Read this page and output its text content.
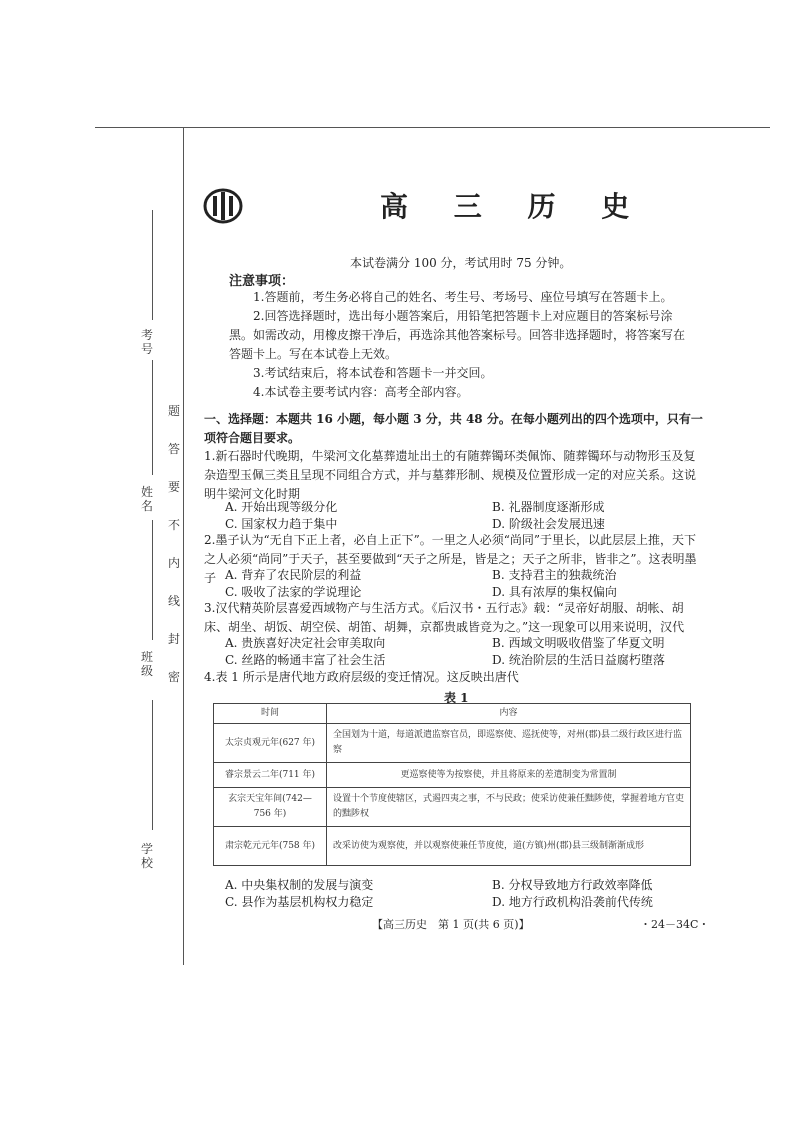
考号
姓名
班级
学校
题
答
要
不
内
线
封
密
高 三 历 史
本试卷满分 100 分，考试用时 75 分钟。
注意事项：
1.答题前，考生务必将自己的姓名、考生号、考场号、座位号填写在答题卡上。
2.回答选择题时，选出每小题答案后，用铅笔把答题卡上对应题目的答案标号涂
黑。如需改动，用橡皮擦干净后，再选涂其他答案标号。回答非选择题时，将答案写在
答题卡上。写在本试卷上无效。
3.考试结束后，将本试卷和答题卡一并交回。
4.本试卷主要考试内容：高考全部内容。
一、选择题：本题共 16 小题，每小题 3 分，共 48 分。在每小题列出的四个选项中，只有一项符合题目要求。
1.新石器时代晚期，牛梁河文化墓葬遗址出土的有随葬镯环类佩饰、随葬镯环与动物形玉及复杂造型玉佩三类且呈现不同组合方式，并与墓葬形制、规模及位置形成一定的对应关系。这说明牛梁河文化时期
A. 开始出现等级分化	B. 礼器制度逐渐形成
C. 国家权力趋于集中	D. 阶级社会发展迅速
2.墨子认为“无自下正上者，必自上正下”。一里之人必须“尚同”于里长，以此层层上推，天下之人必须“尚同”于天子，甚至要做到“天子之所是，皆是之；天子之所非，皆非之”。这表明墨子 A. 背弃了农民阶层的利益	B. 支持君主的独裁统治
C. 吸收了法家的学说理论	D. 具有浓厚的集权偏向
3.汉代精英阶层喜爱西域物产与生活方式。《后汉书・五行志》载：“灵帝好胡服、胡帐、胡床、胡坐、胡饭、胡空侯、胡笛、胡舞，京都贵戚皆竞为之。”这一现象可以用来说明，汉代
A. 贵族喜好决定社会审美取向	B. 西域文明吸收借鉴了华夏文明
C. 丝路的畅通丰富了社会生活	D. 统治阶层的生活日益腐朽堕落
4.表 1 所示是唐代地方政府层级的变迁情况。这反映出唐代
表 1
时间	内容
太宗贞观元年(627 年)	全国划为十道，每道派遣监察官员，即巡察使、巡抚使等，对州(郡)县二级行政区进行监察
睿宗景云二年(711 年)	更巡察使等为按察使，并且将原来的差遣制变为常置制
玄宗天宝年间(742—756 年)	设置十个节度使辖区，式遏四夷之事，不与民政；使采访使兼任黜陟使，掌握着地方官吏的黜陟权
肃宗乾元元年(758 年)	改采访使为观察使，并以观察使兼任节度使，道(方镇)州(郡)县三级制渐渐成形
A. 中央集权制的发展与演变	B. 分权导致地方行政效率降低
C. 县作为基层机构权力稳定	D. 地方行政机构沿袭前代传统
【高三历史　第 1 页(共 6 页)】	・24－34C・
